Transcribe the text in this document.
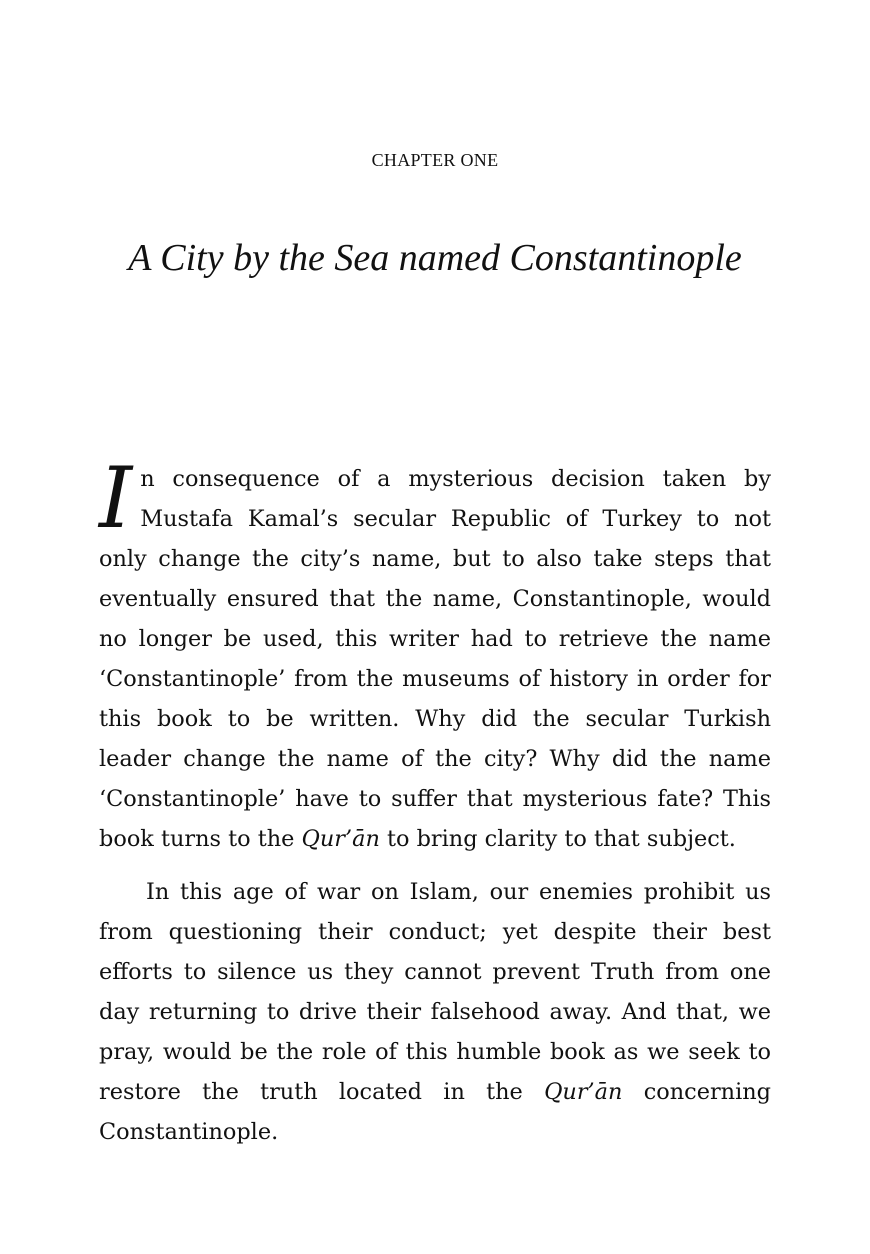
CHAPTER ONE
A City by the Sea named Constantinople

In consequence of a mysterious decision taken by Mustafa Kamal’s secular Republic of Turkey to not only change the city’s name, but to also take steps that eventually ensured that the name, Constantinople, would no longer be used, this writer had to retrieve the name ‘Constantinople’ from the museums of history in order for this book to be written. Why did the secular Turkish leader change the name of the city? Why did the name ‘Constantinople’ have to suffer that mysterious fate? This book turns to the Qur’ān to bring clarity to that subject.

In this age of war on Islam, our enemies prohibit us from questioning their conduct; yet despite their best efforts to silence us they cannot prevent Truth from one day returning to drive their falsehood away. And that, we pray, would be the role of this humble book as we seek to restore the truth located in the Qur’ān concerning Constantinople.
